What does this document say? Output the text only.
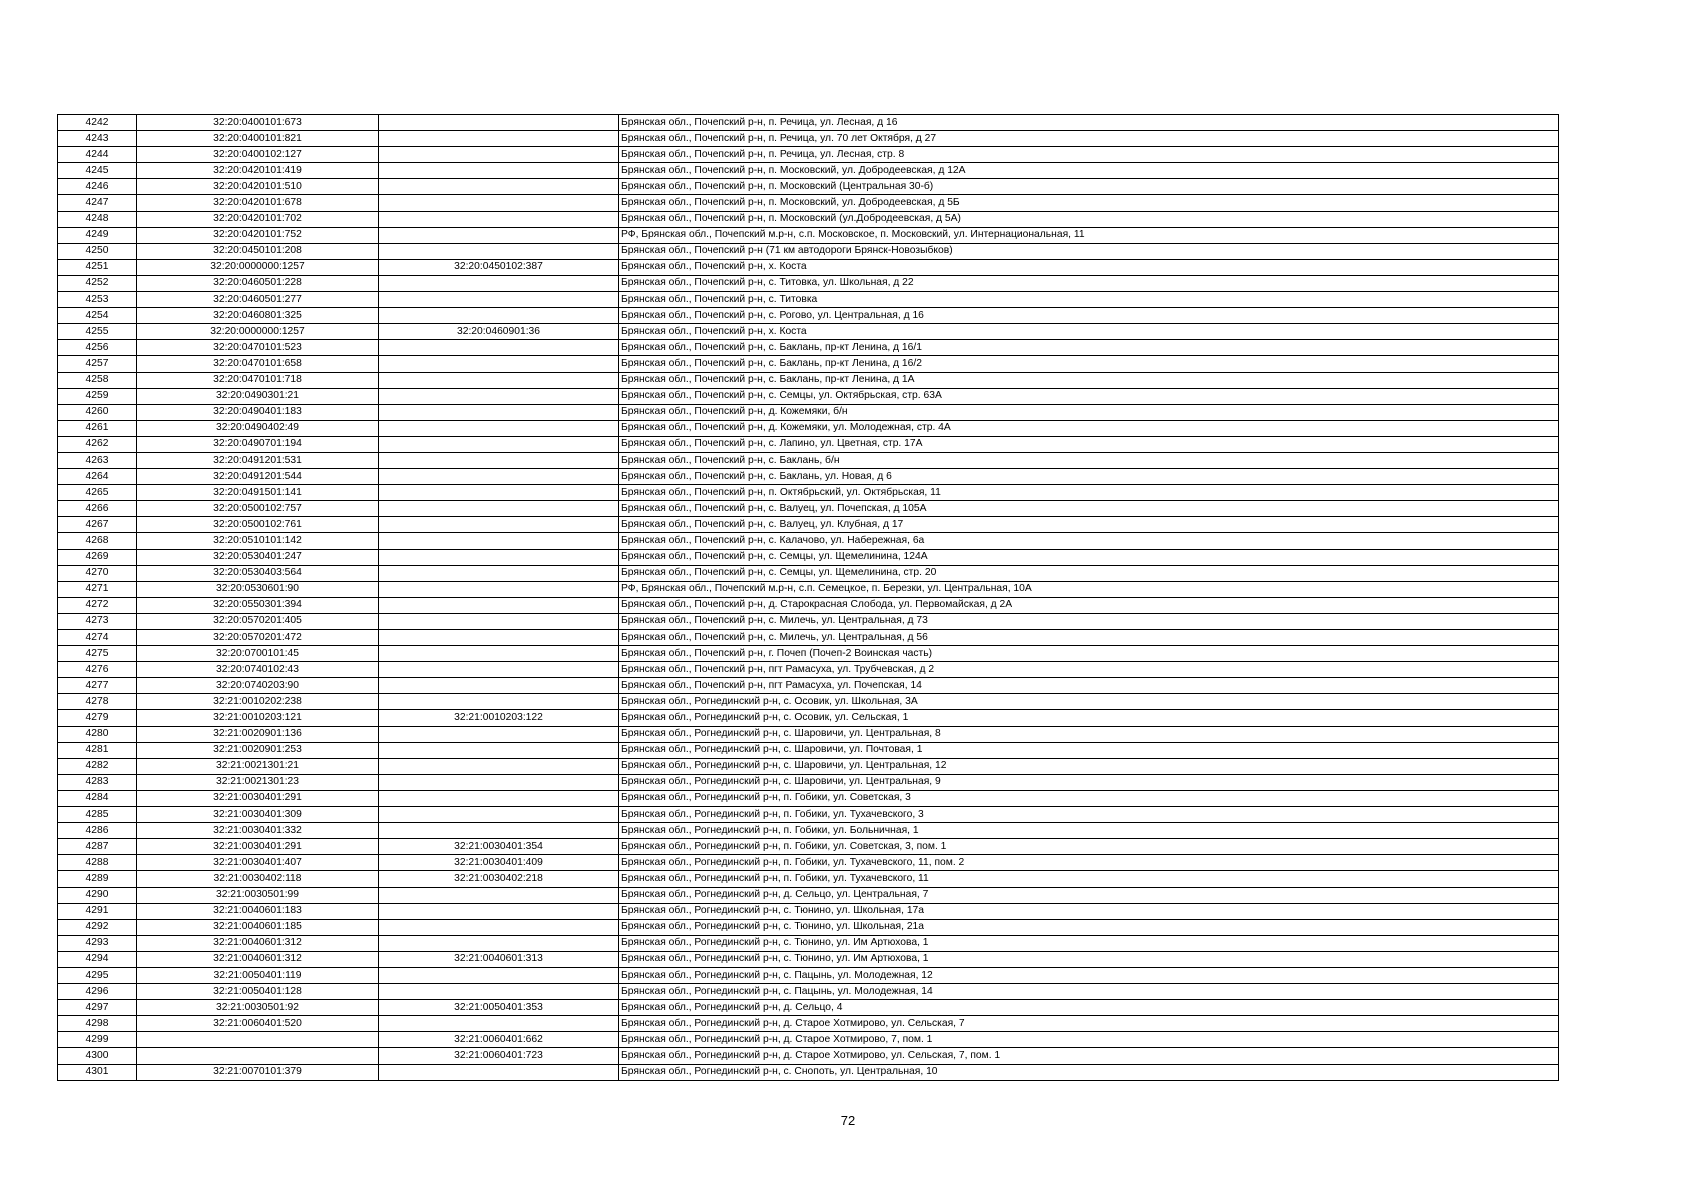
4242	32:20:0400101:673		Брянская обл., Почепский р-н, п. Речица, ул. Лесная, д 16
4243	32:20:0400101:821		Брянская обл., Почепский р-н, п. Речица, ул. 70 лет Октября, д 27
4244	32:20:0400102:127		Брянская обл., Почепский р-н, п. Речица, ул. Лесная, стр. 8
4245	32:20:0420101:419		Брянская обл., Почепский р-н, п. Московский, ул. Добродеевская, д 12А
4246	32:20:0420101:510		Брянская обл., Почепский р-н, п. Московский (Центральная 30-б)
4247	32:20:0420101:678		Брянская обл., Почепский р-н, п. Московский, ул. Добродеевская, д 5Б
4248	32:20:0420101:702		Брянская обл., Почепский р-н, п. Московский (ул.Добродеевская, д 5А)
4249	32:20:0420101:752		РФ, Брянская обл., Почепский м.р-н, с.п. Московское, п. Московский, ул. Интернациональная, 11
4250	32:20:0450101:208		Брянская обл., Почепский р-н (71 км автодороги Брянск-Новозыбков)
4251	32:20:0000000:1257	32:20:0450102:387	Брянская обл., Почепский р-н, х. Коста
4252	32:20:0460501:228		Брянская обл., Почепский р-н, с. Титовка, ул. Школьная, д 22
4253	32:20:0460501:277		Брянская обл., Почепский р-н, с. Титовка
4254	32:20:0460801:325		Брянская обл., Почепский р-н, с. Рогово, ул. Центральная, д 16
4255	32:20:0000000:1257	32:20:0460901:36	Брянская обл., Почепский р-н, х. Коста
4256	32:20:0470101:523		Брянская обл., Почепский р-н, с. Баклань, пр-кт Ленина, д 16/1
4257	32:20:0470101:658		Брянская обл., Почепский р-н, с. Баклань, пр-кт Ленина, д 16/2
4258	32:20:0470101:718		Брянская обл., Почепский р-н, с. Баклань, пр-кт Ленина, д 1А
4259	32:20:0490301:21		Брянская обл., Почепский р-н, с. Семцы, ул. Октябрьская, стр. 63А
4260	32:20:0490401:183		Брянская обл., Почепский р-н, д. Кожемяки, б/н
4261	32:20:0490402:49		Брянская обл., Почепский р-н, д. Кожемяки, ул. Молодежная, стр. 4А
4262	32:20:0490701:194		Брянская обл., Почепский р-н, с. Лапино, ул. Цветная, стр. 17А
4263	32:20:0491201:531		Брянская обл., Почепский р-н, с. Баклань, б/н
4264	32:20:0491201:544		Брянская обл., Почепский р-н, с. Баклань, ул. Новая, д 6
4265	32:20:0491501:141		Брянская обл., Почепский р-н, п. Октябрьский, ул. Октябрьская, 11
4266	32:20:0500102:757		Брянская обл., Почепский р-н, с. Валуец, ул. Почепская, д 105А
4267	32:20:0500102:761		Брянская обл., Почепский р-н, с. Валуец, ул. Клубная, д 17
4268	32:20:0510101:142		Брянская обл., Почепский р-н, с. Калачово, ул. Набережная, 6а
4269	32:20:0530401:247		Брянская обл., Почепский р-н, с. Семцы, ул. Щемелинина, 124А
4270	32:20:0530403:564		Брянская обл., Почепский р-н, с. Семцы, ул. Щемелинина, стр. 20
4271	32:20:0530601:90		РФ, Брянская обл., Почепский м.р-н, с.п. Семецкое, п. Березки, ул. Центральная, 10А
4272	32:20:0550301:394		Брянская обл., Почепский р-н, д. Старокрасная Слобода, ул. Первомайская, д 2А
4273	32:20:0570201:405		Брянская обл., Почепский р-н, с. Милечь, ул. Центральная, д 73
4274	32:20:0570201:472		Брянская обл., Почепский р-н, с. Милечь, ул. Центральная, д 56
4275	32:20:0700101:45		Брянская обл., Почепский р-н, г. Почеп (Почеп-2 Воинская часть)
4276	32:20:0740102:43		Брянская обл., Почепский р-н, пгт Рамасуха, ул. Трубчевская, д 2
4277	32:20:0740203:90		Брянская обл., Почепский р-н, пгт Рамасуха, ул. Почепская, 14
4278	32:21:0010202:238		Брянская обл., Рогнединский р-н, с. Осовик, ул. Школьная, 3А
4279	32:21:0010203:121	32:21:0010203:122	Брянская обл., Рогнединский р-н, с. Осовик, ул. Сельская, 1
4280	32:21:0020901:136		Брянская обл., Рогнединский р-н, с. Шаровичи, ул. Центральная, 8
4281	32:21:0020901:253		Брянская обл., Рогнединский р-н, с. Шаровичи, ул. Почтовая, 1
4282	32:21:0021301:21		Брянская обл., Рогнединский р-н, с. Шаровичи, ул. Центральная, 12
4283	32:21:0021301:23		Брянская обл., Рогнединский р-н, с. Шаровичи, ул. Центральная, 9
4284	32:21:0030401:291		Брянская обл., Рогнединский р-н, п. Гобики, ул. Советская, 3
4285	32:21:0030401:309		Брянская обл., Рогнединский р-н, п. Гобики, ул. Тухачевского, 3
4286	32:21:0030401:332		Брянская обл., Рогнединский р-н, п. Гобики, ул. Больничная, 1
4287	32:21:0030401:291	32:21:0030401:354	Брянская обл., Рогнединский р-н, п. Гобики, ул. Советская, 3, пом. 1
4288	32:21:0030401:407	32:21:0030401:409	Брянская обл., Рогнединский р-н, п. Гобики, ул. Тухачевского, 11, пом. 2
4289	32:21:0030402:118	32:21:0030402:218	Брянская обл., Рогнединский р-н, п. Гобики, ул. Тухачевского, 11
4290	32:21:0030501:99		Брянская обл., Рогнединский р-н, д. Сельцо, ул. Центральная, 7
4291	32:21:0040601:183		Брянская обл., Рогнединский р-н, с. Тюнино, ул. Школьная, 17а
4292	32:21:0040601:185		Брянская обл., Рогнединский р-н, с. Тюнино, ул. Школьная, 21а
4293	32:21:0040601:312		Брянская обл., Рогнединский р-н, с. Тюнино, ул. Им Артюхова, 1
4294	32:21:0040601:312	32:21:0040601:313	Брянская обл., Рогнединский р-н, с. Тюнино, ул. Им Артюхова, 1
4295	32:21:0050401:119		Брянская обл., Рогнединский р-н, с. Пацынь, ул. Молодежная, 12
4296	32:21:0050401:128		Брянская обл., Рогнединский р-н, с. Пацынь, ул. Молодежная, 14
4297	32:21:0030501:92	32:21:0050401:353	Брянская обл., Рогнединский р-н, д. Сельцо, 4
4298	32:21:0060401:520		Брянская обл., Рогнединский р-н, д. Старое Хотмирово, ул. Сельская, 7
4299		32:21:0060401:662	Брянская обл., Рогнединский р-н, д. Старое Хотмирово, 7, пом. 1
4300		32:21:0060401:723	Брянская обл., Рогнединский р-н, д. Старое Хотмирово, ул. Сельская, 7, пом. 1
4301	32:21:0070101:379		Брянская обл., Рогнединский р-н, с. Снопоть, ул. Центральная, 10
72
